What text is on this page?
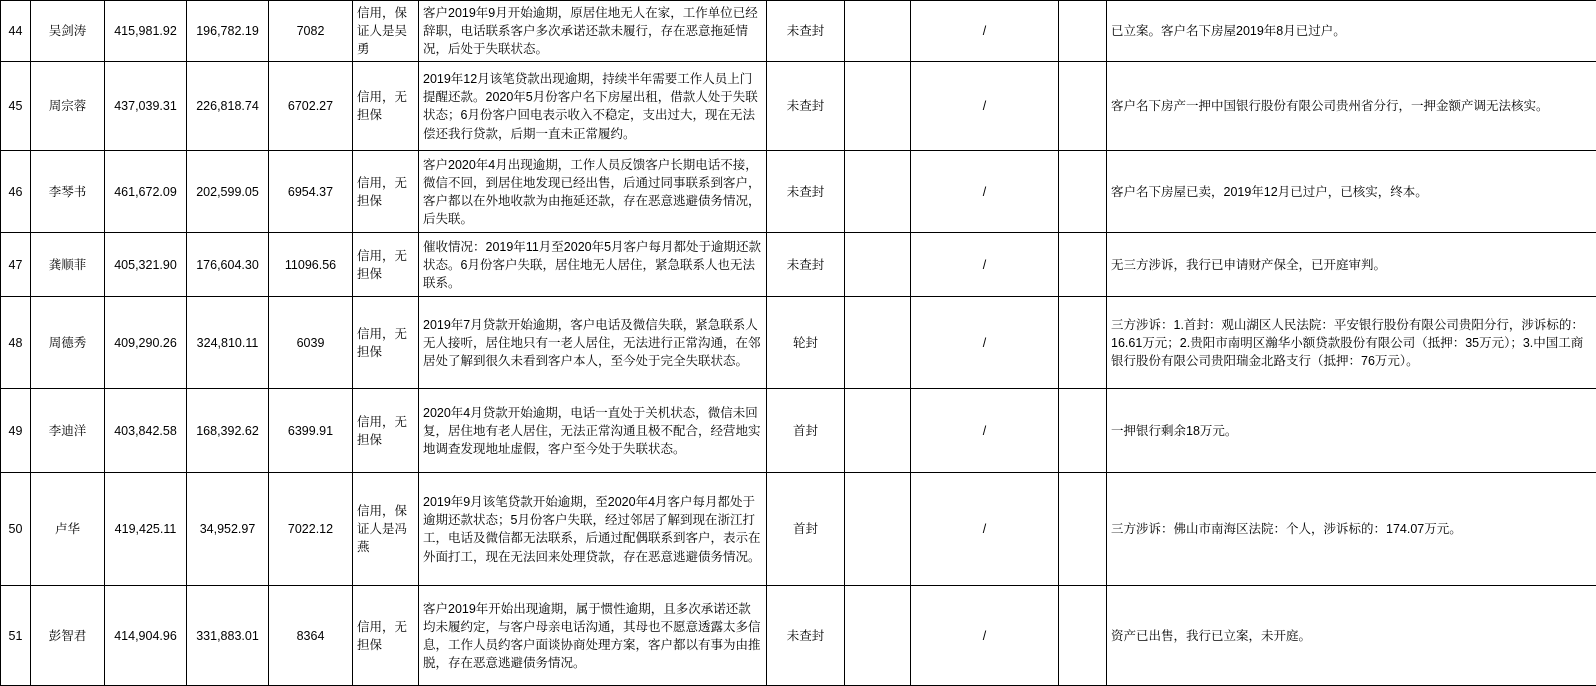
44	吴剑涛	415,981.92	196,782.19	7082	信用，保证人是吴勇	客户2019年9月开始逾期，原居住地无人在家，工作单位已经辞职，电话联系客户多次承诺还款未履行，存在恶意拖延情况，后处于失联状态。	未查封		/		已立案。客户名下房屋2019年8月已过户。
45	周宗蓉	437,039.31	226,818.74	6702.27	信用，无担保	2019年12月该笔贷款出现逾期，持续半年需要工作人员上门提醒还款。2020年5月份客户名下房屋出租，借款人处于失联状态；6月份客户回电表示收入不稳定，支出过大，现在无法偿还我行贷款，后期一直未正常履约。	未查封		/		客户名下房产一押中国银行股份有限公司贵州省分行，一押金额产调无法核实。
46	李琴书	461,672.09	202,599.05	6954.37	信用，无担保	客户2020年4月出现逾期，工作人员反馈客户长期电话不接，微信不回，到居住地发现已经出售，后通过同事联系到客户，客户都以在外地收款为由拖延还款，存在恶意逃避债务情况，后失联。	未查封		/		客户名下房屋已卖，2019年12月已过户，已核实，终本。
47	龚顺菲	405,321.90	176,604.30	11096.56	信用，无担保	催收情况：2019年11月至2020年5月客户每月都处于逾期还款状态。6月份客户失联，居住地无人居住，紧急联系人也无法联系。	未查封		/		无三方涉诉，我行已申请财产保全，已开庭审判。
48	周德秀	409,290.26	324,810.11	6039	信用，无担保	2019年7月贷款开始逾期，客户电话及微信失联，紧急联系人无人接听，居住地只有一老人居住，无法进行正常沟通，在邻居处了解到很久未看到客户本人，至今处于完全失联状态。	轮封		/		三方涉诉：1.首封：观山湖区人民法院：平安银行股份有限公司贵阳分行，涉诉标的：16.61万元；2.贵阳市南明区瀚华小额贷款股份有限公司（抵押：35万元）；3.中国工商银行股份有限公司贵阳瑞金北路支行（抵押：76万元）。
49	李迪洋	403,842.58	168,392.62	6399.91	信用，无担保	2020年4月贷款开始逾期，电话一直处于关机状态，微信未回复，居住地有老人居住，无法正常沟通且极不配合，经营地实地调查发现地址虚假，客户至今处于失联状态。	首封		/		一押银行剩余18万元。
50	卢华	419,425.11	34,952.97	7022.12	信用，保证人是冯燕	2019年9月该笔贷款开始逾期，至2020年4月客户每月都处于逾期还款状态；5月份客户失联，经过邻居了解到现在浙江打工，电话及微信都无法联系，后通过配偶联系到客户，表示在外面打工，现在无法回来处理贷款，存在恶意逃避债务情况。	首封		/		三方涉诉：佛山市南海区法院：个人，涉诉标的：174.07万元。
51	彭智君	414,904.96	331,883.01	8364	信用，无担保	客户2019年开始出现逾期，属于惯性逾期，且多次承诺还款均未履约定，与客户母亲电话沟通，其母也不愿意透露太多信息，工作人员约客户面谈协商处理方案，客户都以有事为由推脱，存在恶意逃避债务情况。	未查封		/		资产已出售，我行已立案，未开庭。
